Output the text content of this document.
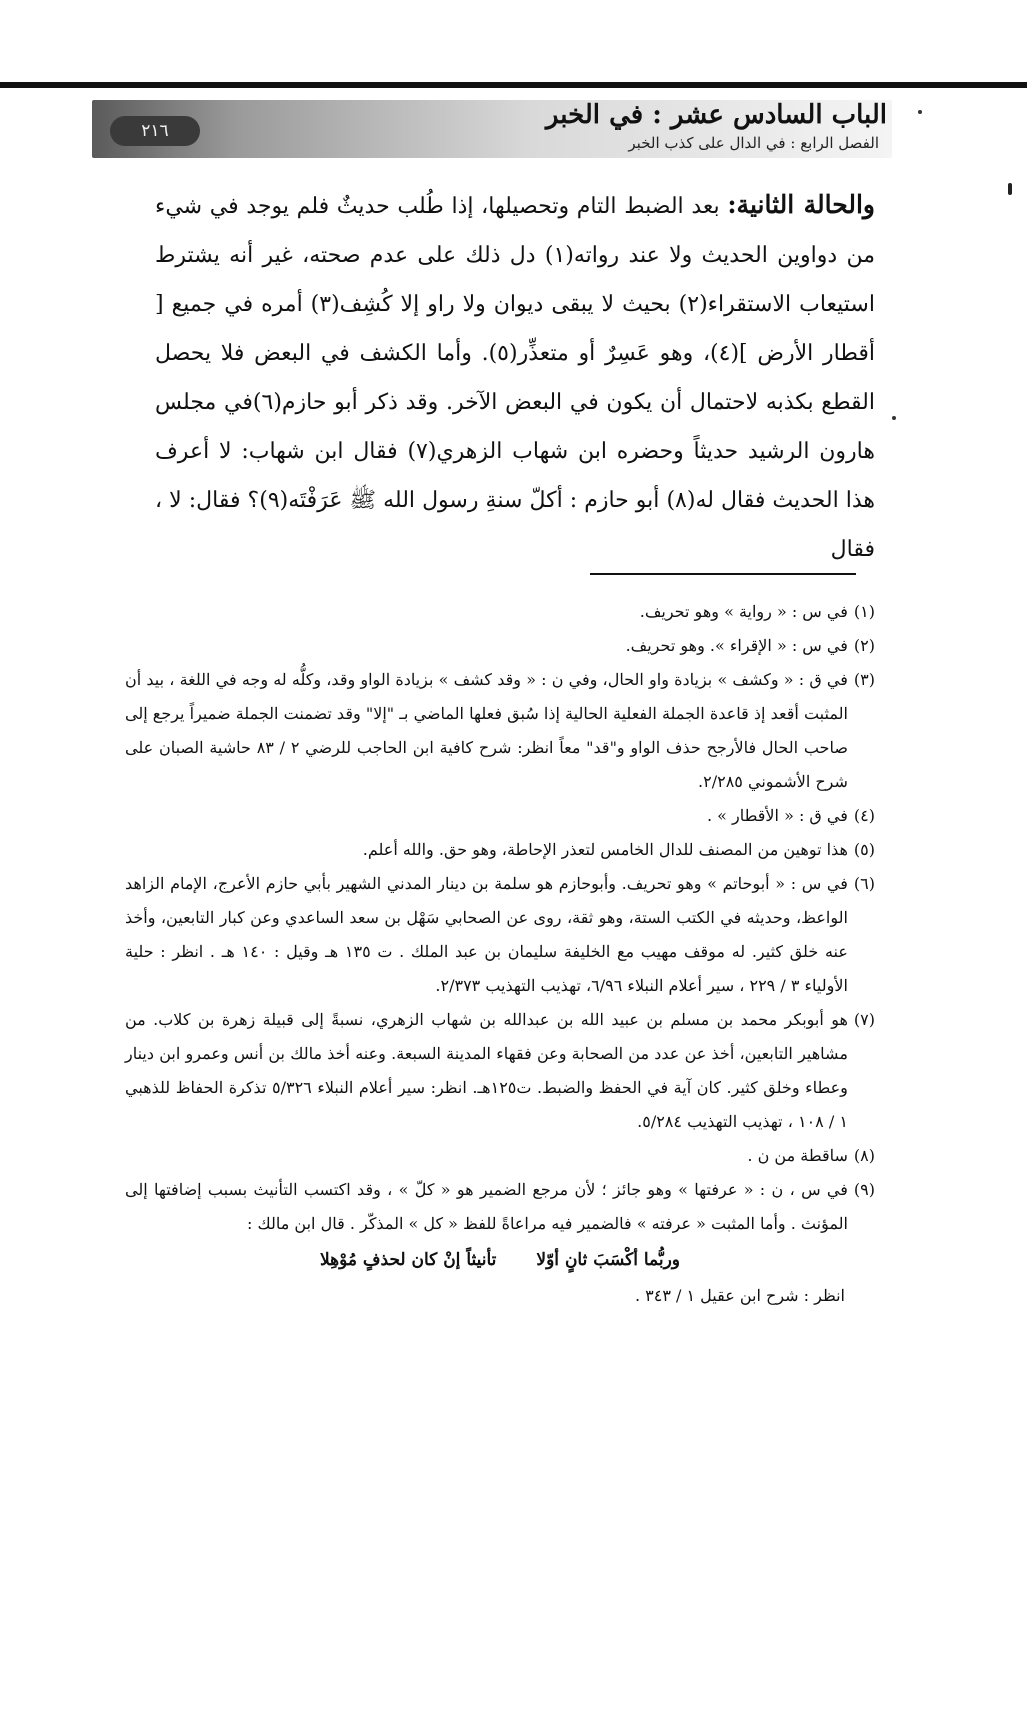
٢١٦
الباب السادس عشر : في الخبر
الفصل الرابع : في الدال على كذب الخبر
والحالة الثانية: بعد الضبط التام وتحصيلها، إذا طُلب حديثٌ فلم يوجد في شيء من دواوين الحديث ولا عند رواته(١) دل ذلك على عدم صحته، غير أنه يشترط استيعاب الاستقراء(٢) بحيث لا يبقى ديوان ولا راو إلا كُشِف(٣) أمره في جميع [ أقطار الأرض ](٤)، وهو عَسِرٌ أو متعذِّر(٥). وأما الكشف في البعض فلا يحصل القطع بكذبه لاحتمال أن يكون في البعض الآخر. وقد ذكر أبو حازم(٦)في مجلس هارون الرشيد حديثاً وحضره ابن شهاب الزهري(٧) فقال ابن شهاب: لا أعرف هذا الحديث فقال له(٨) أبو حازم : أكلّ سنةِ رسول الله ﷺ عَرَفْتَه(٩)؟ فقال: لا ، فقال
(١)
في س : « رواية » وهو تحريف.
(٢)
في س : « الإقراء ». وهو تحريف.
(٣)
في ق : « وكشف » بزيادة واو الحال، وفي ن : « وقد كشف » بزيادة الواو وقد، وكلُّه له وجه في اللغة ، بيد أن المثبت أقعد إذ قاعدة الجملة الفعلية الحالية إذا سُبق فعلها الماضي بـ "إلا" وقد تضمنت الجملة ضميراً يرجع إلى صاحب الحال فالأرجح حذف الواو و"قد" معاً انظر: شرح كافية ابن الحاجب للرضي ٢ / ٨٣ حاشية الصبان على شرح الأشموني ٢/٢٨٥.
(٤)
في ق : « الأقطار » .
(٥)
هذا توهين من المصنف للدال الخامس لتعذر الإحاطة، وهو حق. والله أعلم.
(٦)
في س : « أبوحاتم » وهو تحريف. وأبوحازم هو سلمة بن دينار المدني الشهير بأبي حازم الأعرج، الإمام الزاهد الواعظ، وحديثه في الكتب الستة، وهو ثقة، روى عن الصحابي سَهْل بن سعد الساعدي وعن كبار التابعين، وأخذ عنه خلق كثير. له موقف مهيب مع الخليفة سليمان بن عبد الملك . ت ١٣٥ هـ وقيل : ١٤٠ هـ . انظر : حلية الأولياء ٣ / ٢٢٩ ، سير أعلام النبلاء ٦/٩٦، تهذيب التهذيب ٢/٣٧٣.
(٧)
هو أبوبكر محمد بن مسلم بن عبيد الله بن عبدالله بن شهاب الزهري، نسبةً إلى قبيلة زهرة بن كلاب. من مشاهير التابعين، أخذ عن عدد من الصحابة وعن فقهاء المدينة السبعة. وعنه أخذ مالك بن أنس وعمرو ابن دينار وعطاء وخلق كثير. كان آية في الحفظ والضبط. ت١٢٥هـ. انظر: سير أعلام النبلاء ٥/٣٢٦ تذكرة الحفاظ للذهبي ١ / ١٠٨ ، تهذيب التهذيب ٥/٢٨٤.
(٨)
ساقطة من ن .
(٩)
في س ، ن : « عرفتها » وهو جائز ؛ لأن مرجع الضمير هو « كلّ » ، وقد اكتسب التأنيث بسبب إضافتها إلى المؤنث . وأما المثبت « عرفته » فالضمير فيه مراعاةً للفظ « كل » المذكّر . قال ابن مالك :
وربُّما أكْسَبَ ثانٍ أوّلا
تأنيثاً إنْ كان لحذفٍ مُوْهِلا
انظر : شرح ابن عقيل ١ / ٣٤٣ .
